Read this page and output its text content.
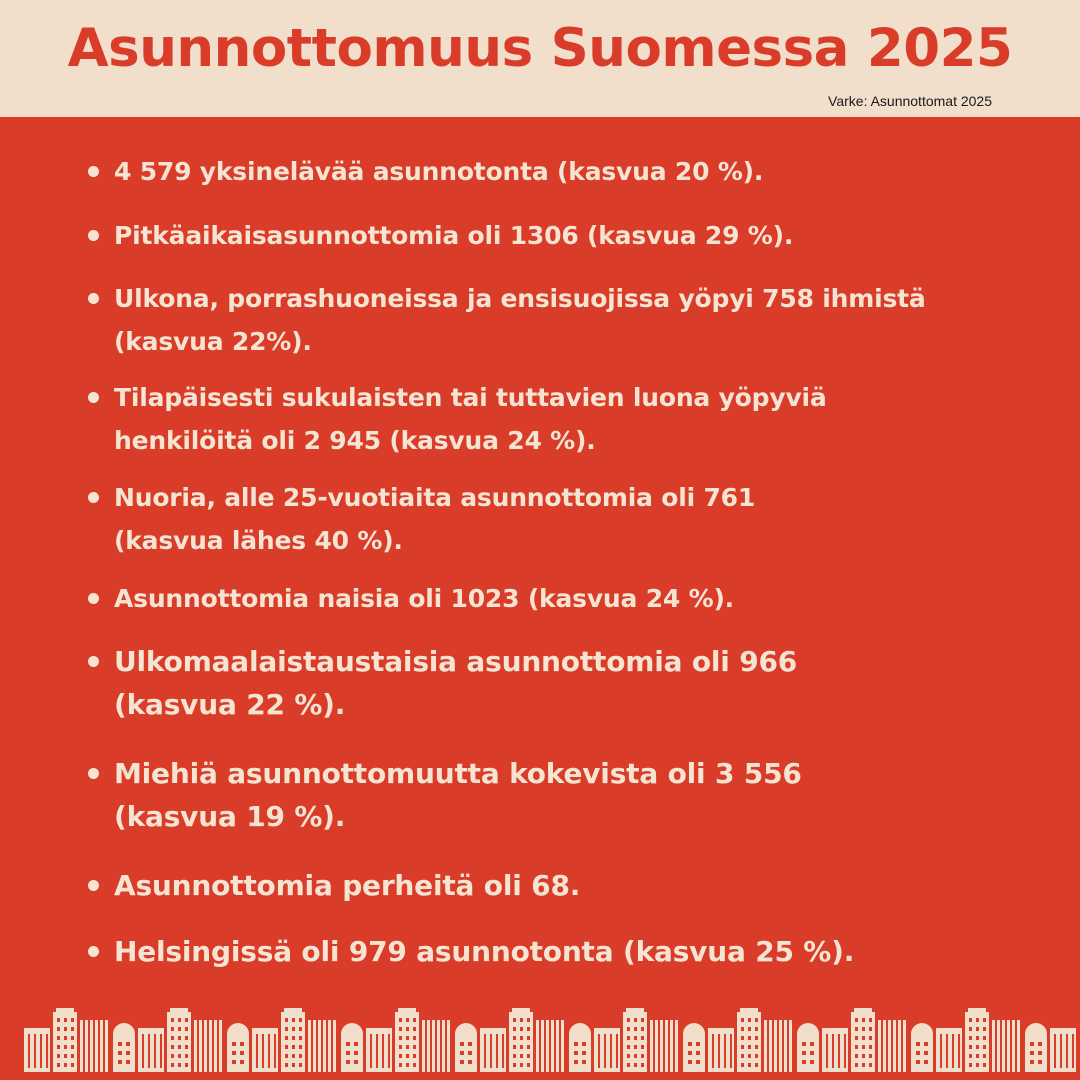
Asunnottomuus Suomessa 2025
Varke: Asunnottomat 2025
4 579 yksinelävää asunnotonta (kasvua 20 %).
Pitkäaikaisasunnottomia oli 1306 (kasvua 29 %).
Ulkona, porrashuoneissa ja ensisuojissa yöpyi 758 ihmistä (kasvua 22%).
Tilapäisesti sukulaisten tai tuttavien luona yöpyviä henkilöitä oli 2 945 (kasvua 24 %).
Nuoria, alle 25-vuotiaita asunnottomia oli 761 (kasvua lähes 40 %).
Asunnottomia naisia oli 1023 (kasvua 24 %).
Ulkomaalaistaustaisia asunnottomia oli 966 (kasvua 22 %).
Miehiä asunnottomuutta kokevista oli 3 556 (kasvua 19 %).
Asunnottomia perheitä oli 68.
Helsingissä oli 979 asunnotonta (kasvua 25 %).
